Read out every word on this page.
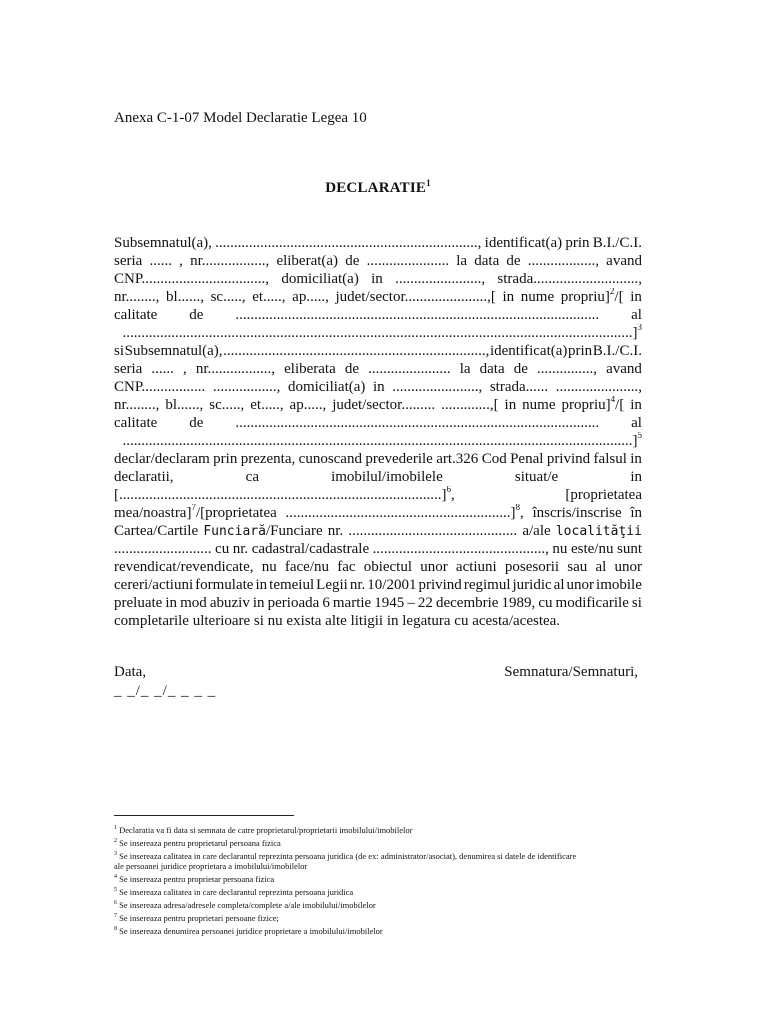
Anexa C-1-07 Model Declaratie Legea 10
DECLARATIE$^1$
Subsemnatul(a), ......................................................................, identificat(a) prin B.I./C.I.
seria ...... , nr................., eliberat(a) de ...................... la data de .................., avand
CNP................................., domiciliat(a) in ......................., strada............................,
nr........, bl......, sc....., et....., ap....., judet/sector......................,[ in nume propriu]$^2$/[ in
calitate de ................................................................................................. al
........................................................................................................................................]$^3$
si Subsemnatul(a), ......................................................................, identificat(a) prin B.I./C.I.
seria ...... , nr................., eliberata de ...................... la data de ..............., avand
CNP................. ................., domiciliat(a) in ......................., strada...... ......................,
nr........, bl......, sc....., et....., ap....., judet/sector......... .............,[ in nume propriu]$^4$/[ in
calitate de ................................................................................................. al
........................................................................................................................................]$^5$
declar/declaram prin prezenta, cunoscand prevederile art.326 Cod Penal privind falsul in
declaratii,	ca	imobilul/imobilele	situat/e	in
[......................................................................................]$^6$,	[proprietatea
mea/noastra]$^7$/[proprietatea ............................................................]$^8$, înscris/inscrise în
Cartea/Cartile Funciară/Funciare nr. ............................................. a/ale localităţii
.......................... cu nr. cadastral/cadastrale .............................................., nu este/nu sunt
revendicat/revendicate, nu face/nu fac obiectul unor actiuni posesorii sau al unor
cereri/actiuni formulate in temeiul Legii nr. 10/2001 privind regimul juridic al unor imobile
preluate in mod abuziv in perioada 6 martie 1945 – 22 decembrie 1989, cu modificarile si
completarile ulterioare si nu exista alte litigii in legatura cu acesta/acestea.
Data,	Semnatura/Semnaturi,
_ _/_ _/_ _ _ _
$^1$ Declaratia va fi data si semnata de catre proprietarul/proprietarii imobilului/imobilelor
$^2$ Se insereaza pentru proprietarul persoana fizica
$^3$ Se insereaza calitatea in care declarantul reprezinta persoana juridica (de ex: administrator/asociat), denumirea si datele de identificare
ale persoanei juridice proprietara a imobilului/imobilelor
$^4$ Se insereaza pentru proprietar persoana fizica
$^5$ Se insereaza calitatea in care declarantul reprezinta persoana juridica
$^6$ Se insereaza adresa/adresele completa/complete a/ale imobilului/imobilelor
$^7$ Se insereaza pentru proprietari persoane fizice;
$^8$ Se insereaza denumirea persoanei juridice proprietare a imobilului/imobilelor
